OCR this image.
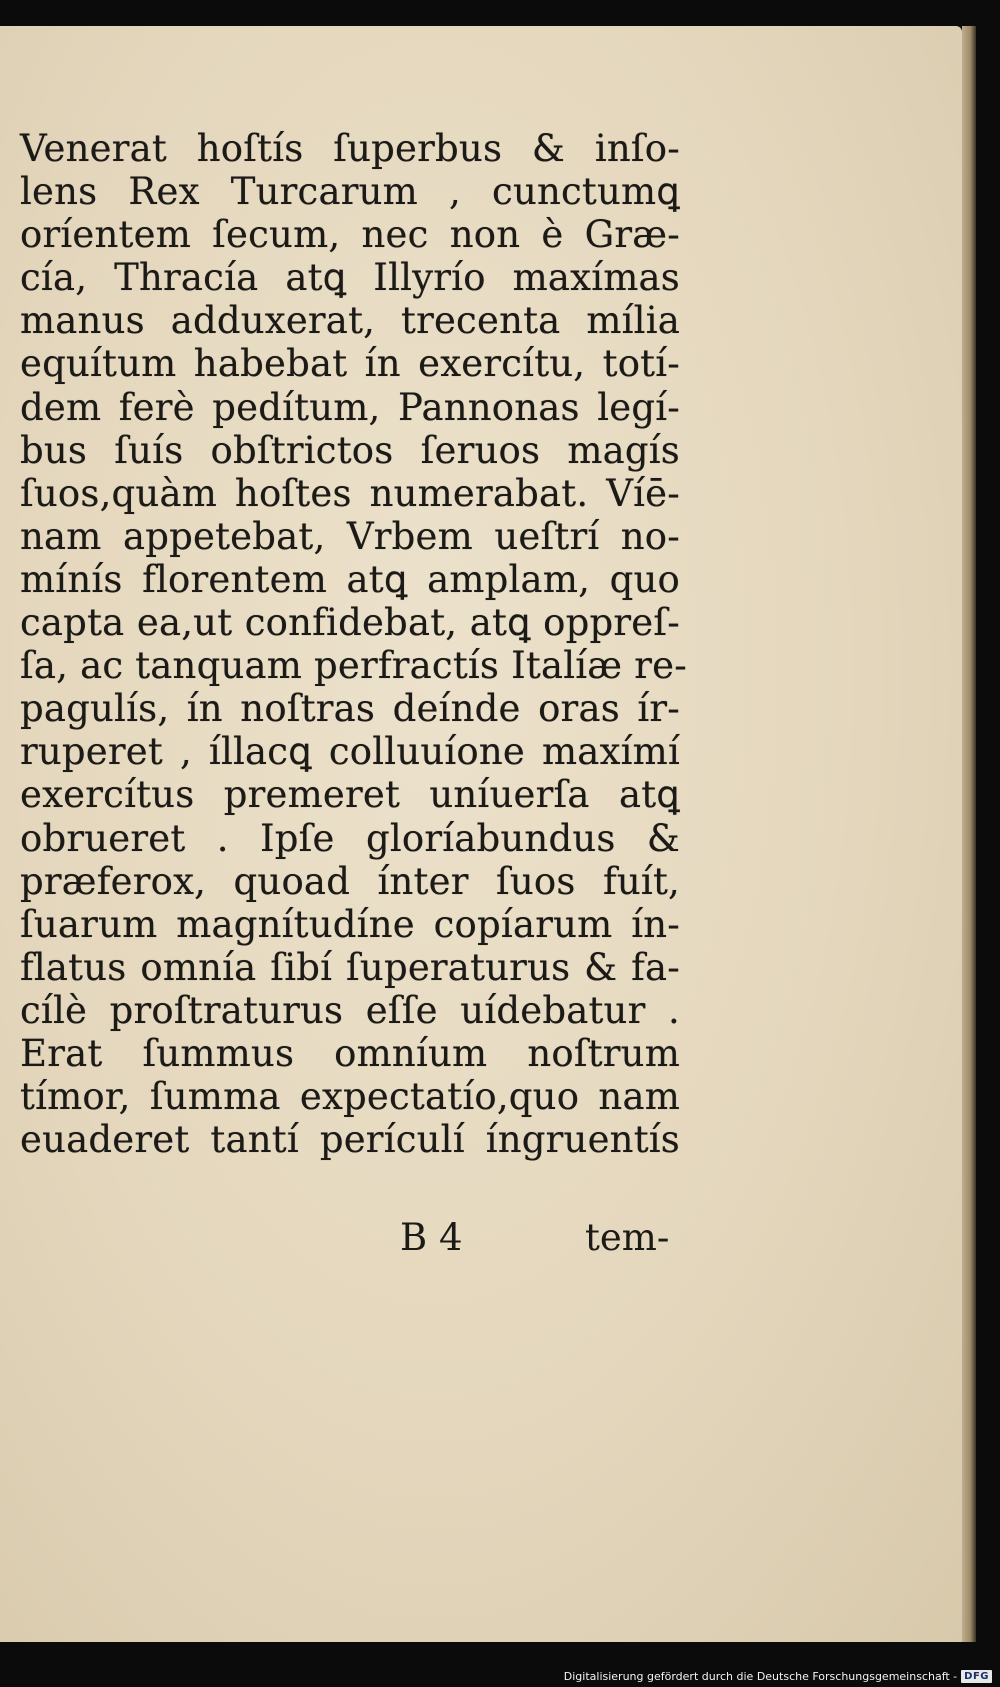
Venerat hoſtís ſuperbus & inſo-
lens Rex Turcarum , cunctumꝗ
oríentem ſecum, nec non è Græ-
cía, Thracía atꝗ Illyrío maxímas
manus adduxerat, trecenta mília
equítum habebat ín exercítu, totí-
dem ferè pedítum, Pannonas legí-
bus ſuís obſtrictos ſeruos magís
ſuos,quàm hoſtes numerabat. Víē-
nam appetebat, Vrbem ueſtrí no-
mínís florentem atꝗ amplam, quo
capta ea,ut confidebat, atꝗ oppreſ-
ſa, ac tanquam perfractís Italíæ re-
pagulís, ín noſtras deínde oras ír-
ruperet , íllacꝗ colluuíone maxímí
exercítus premeret uníuerſa atꝗ
obrueret . Ipſe gloríabundus &
præferox, quoad ínter ſuos fuít,
ſuarum magnítudíne copíarum ín-
flatus omnía ſibí ſuperaturus & fa-
cílè proſtraturus eſſe uídebatur .
Erat ſummus omníum noſtrum
tímor, ſumma expectatío,quo nam
euaderet tantí perículí íngruentís
B 4	tem-
Digitalisierung gefördert durch die Deutsche Forschungsgemeinschaft - DFG
